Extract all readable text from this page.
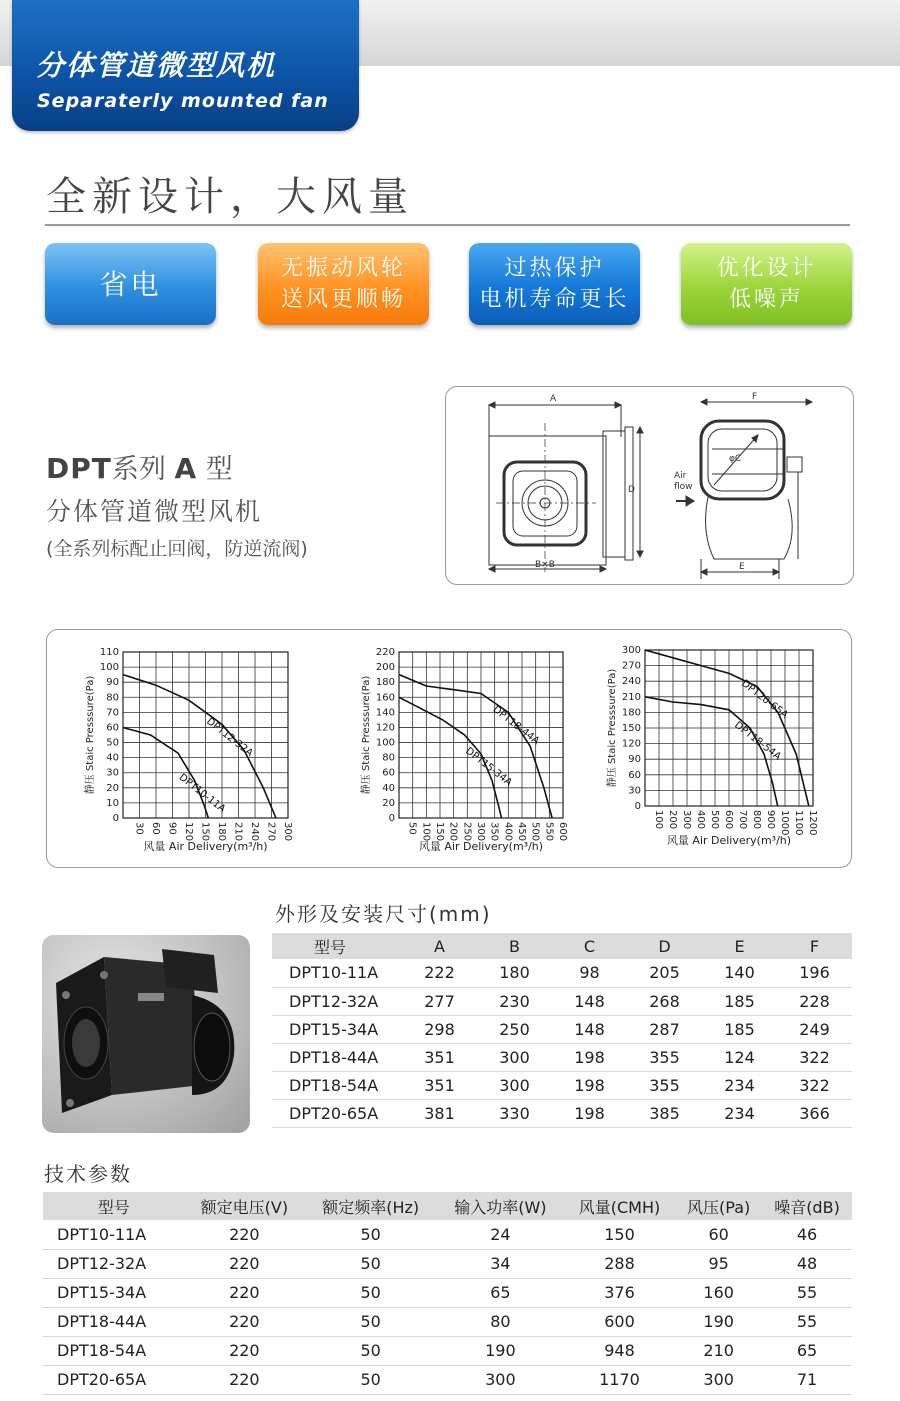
分体管道微型风机
Separaterly mounted fan
全新设计，大风量
省电	无振动风轮
送风更顺畅
过热保护
电机寿命更长
优化设计
低噪声
DPT系列 A 型
分体管道微型风机
(全系列标配止回阀，防逆流阀)
A
D
B×B
F
φC
E
Air
flow
0
10
20
30
40
50
60
70
80
90
100
110
30 60 90 120 150 180 210 240 270 300
静压 Staic Presssure(Pa)
风量 Air Delivery(m³/h)
DPT12-32A
DPT10-11A
0
20
40
60
80
100
120
140
160
180
200
220
50 100 150 200 250 300 350 400 450 500 550 600
静压 Staic Presssure(Pa)
风量 Air Delivery(m³/h)
DPT18-44A
DPT15-34A
0
30
60
90
120
150
180
210
240
270
300
100 200 300 400 500 600 700 800 900 1000 1100 1200
静压 Staic Presssure(Pa)
风量 Air Delivery(m³/h)
DPT20-65A
DPT18-54A
外形及安装尺寸(mm)
型号	A	B	C	D	E	F
DPT10-11A	222	180	98	205	140	196
DPT12-32A	277	230	148	268	185	228
DPT15-34A	298	250	148	287	185	249
DPT18-44A	351	300	198	355	124	322
DPT18-54A	351	300	198	355	234	322
DPT20-65A	381	330	198	385	234	366
技术参数
型号	额定电压(V)	额定频率(Hz)	输入功率(W)	风量(CMH)	风压(Pa)	噪音(dB)
DPT10-11A	220	50	24	150	60	46
DPT12-32A	220	50	34	288	95	48
DPT15-34A	220	50	65	376	160	55
DPT18-44A	220	50	80	600	190	55
DPT18-54A	220	50	190	948	210	65
DPT20-65A	220	50	300	1170	300	71
